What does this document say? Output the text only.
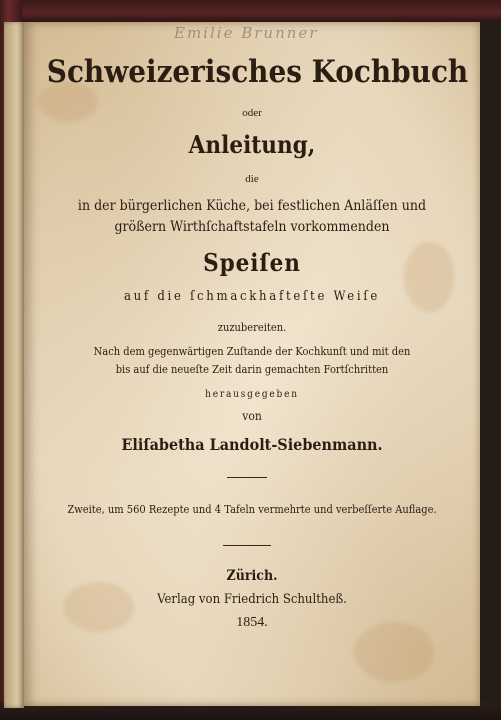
Emilie Brunner
Schweizerisches Kochbuch
oder
Anleitung,
die
in der bürgerlichen Küche, bei festlichen Anläſſen und
größern Wirthſchaftstafeln vorkommenden
Speiſen
auf die ſchmackhafteſte Weiſe
zuzubereiten.
Nach dem gegenwärtigen Zuſtande der Kochkunſt und mit den
bis auf die neueſte Zeit darin gemachten Fortſchritten
herausgegeben
von
Eliſabetha Landolt-Siebenmann.
Zweite, um 560 Rezepte und 4 Tafeln vermehrte und verbeſſerte Auflage.
Zürich.
Verlag von Friedrich Schultheß.
1854.
